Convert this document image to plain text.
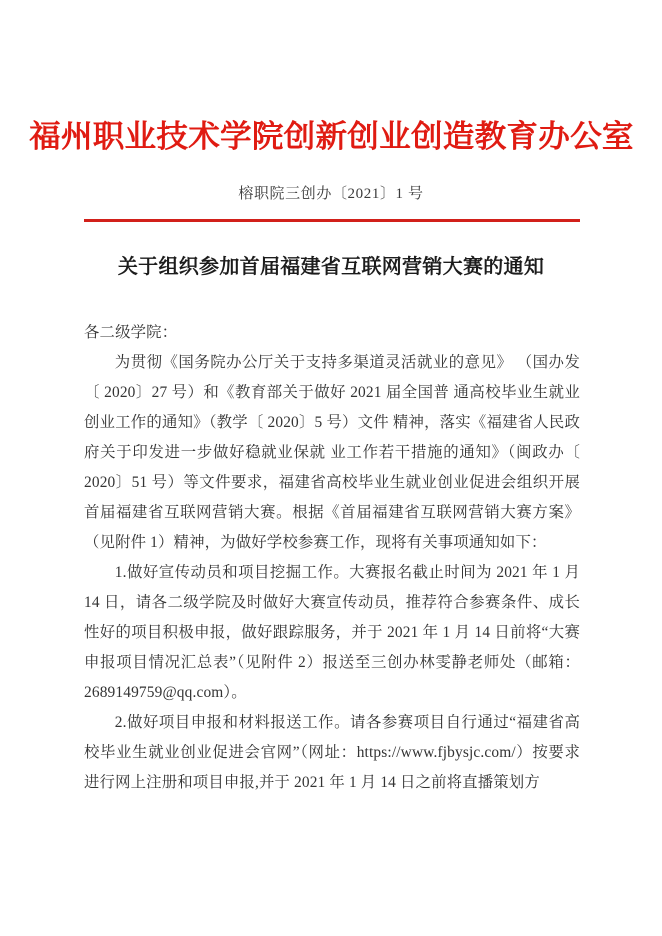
福州职业技术学院创新创业创造教育办公室
榕职院三创办〔2021〕1 号
关于组织参加首届福建省互联网营销大赛的通知

各二级学院：

为贯彻《国务院办公厅关于支持多渠道灵活就业的意见》 （国办发〔 2020〕27 号）和《教育部关于做好 2021 届全国普 通高校毕业生就业创业工作的通知》（教学〔 2020〕5 号）文件 精神，落实《福建省人民政府关于印发进一步做好稳就业保就 业工作若干措施的通知》（闽政办〔 2020〕51 号）等文件要求，福建省高校毕业生就业创业促进会组织开展首届福建省互联网营销大赛。根据《首届福建省互联网营销大赛方案》（见附件 1）精神，为做好学校参赛工作，现将有关事项通知如下：

1.做好宣传动员和项目挖掘工作。大赛报名截止时间为 2021 年 1 月 14 日，请各二级学院及时做好大赛宣传动员，推荐符合参赛条件、成长性好的项目积极申报，做好跟踪服务，并于 2021 年 1 月 14 日前将“大赛申报项目情况汇总表”（见附件 2）报送至三创办林雯静老师处（邮箱：2689149759@qq.com）。

2.做好项目申报和材料报送工作。请各参赛项目自行通过“福建省高校毕业生就业创业促进会官网”（网址：https://www.fjbysjc.com/）按要求进行网上注册和项目申报,并于 2021 年 1 月 14 日之前将直播策划方
